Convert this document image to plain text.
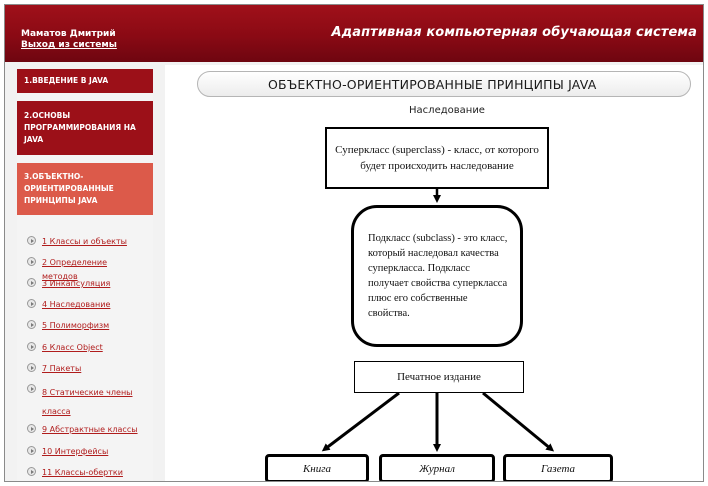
Маматов Дмитрий
Выход из системы
Адаптивная компьютерная обучающая система
1.ВВЕДЕНИЕ В JAVA
2.ОСНОВЫ ПРОГРАММИРОВАНИЯ НА JAVA
3.ОБЪЕКТНО-ОРИЕНТИРОВАННЫЕ ПРИНЦИПЫ JAVA
1 Классы и объекты
2 Определение методов
3 Инкапсуляция
4 Наследование
5 Полиморфизм
6 Класс Object
7 Пакеты
8 Статические члены класса
9 Абстрактные классы
10 Интерфейсы
11 Классы-обертки
ОБЪЕКТНО-ОРИЕНТИРОВАННЫЕ ПРИНЦИПЫ JAVA
Наследование
Суперкласс (superclass) - класс, от которого будет происходить наследование
Подкласс (subclass) - это класс, который наследовал качества суперкласса. Подкласс получает свойства суперкласса плюс его собственные свойства.
Печатное издание
Книга	Журнал	Газета
